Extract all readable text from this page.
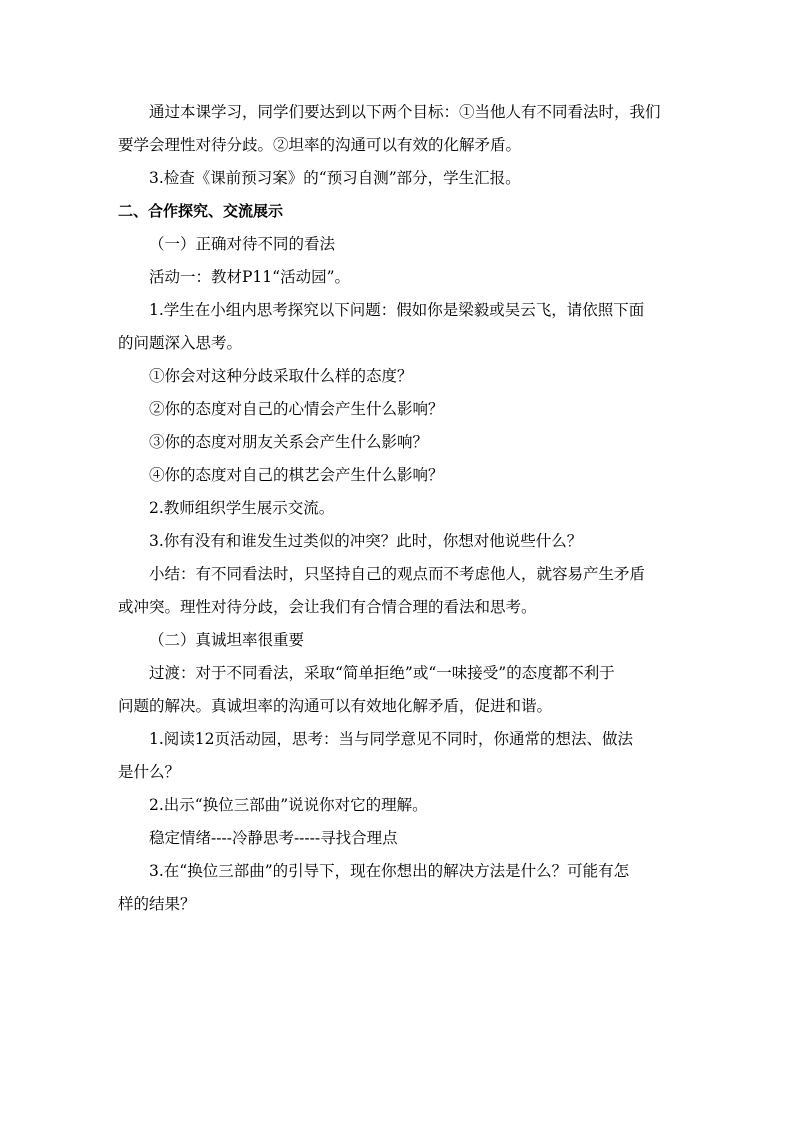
通过本课学习，同学们要达到以下两个目标：①当他人有不同看法时，我们

要学会理性对待分歧。②坦率的沟通可以有效的化解矛盾。

3.检查《课前预习案》的“预习自测”部分，学生汇报。

二、合作探究、交流展示

（一）正确对待不同的看法

活动一：教材P11“活动园”。

1.学生在小组内思考探究以下问题：假如你是梁毅或吴云飞，请依照下面

的问题深入思考。

①你会对这种分歧采取什么样的态度？

②你的态度对自己的心情会产生什么影响？

③你的态度对朋友关系会产生什么影响？

④你的态度对自己的棋艺会产生什么影响？

2.教师组织学生展示交流。

3.你有没有和谁发生过类似的冲突？此时，你想对他说些什么？

小结：有不同看法时，只坚持自己的观点而不考虑他人，就容易产生矛盾

或冲突。理性对待分歧，会让我们有合情合理的看法和思考。

（二）真诚坦率很重要

过渡：对于不同看法，采取“简单拒绝”或“一味接受”的态度都不利于

问题的解决。真诚坦率的沟通可以有效地化解矛盾，促进和谐。

1.阅读12页活动园，思考：当与同学意见不同时，你通常的想法、做法

是什么？

2.出示“换位三部曲”说说你对它的理解。

稳定情绪----冷静思考-----寻找合理点

3.在“换位三部曲”的引导下，现在你想出的解决方法是什么？可能有怎

样的结果？
